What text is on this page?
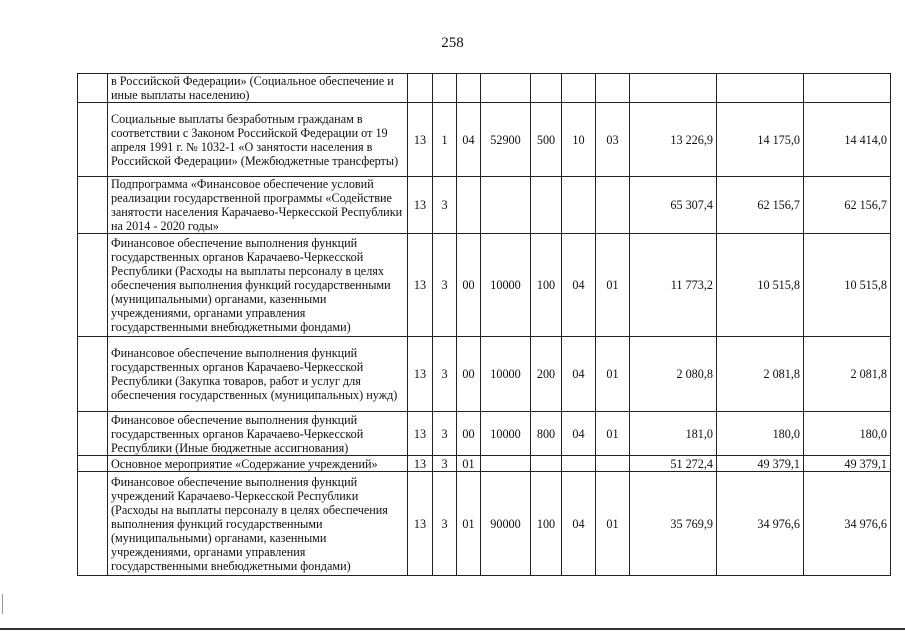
258
	в Российской Федерации» (Социальное обеспечение и иные выплаты населению)										
	Социальные выплаты безработным гражданам в соответствии с Законом Российской Федерации от 19 апреля 1991 г. № 1032-1 «О занятости населения в Российской Федерации» (Межбюджетные трансферты)	13	1	04	52900	500	10	03	13 226,9	14 175,0	14 414,0
	Подпрограмма «Финансовое обеспечение условий реализации государственной программы «Содействие занятости населения Карачаево-Черкесской Республики на 2014 - 2020 годы»	13	3						65 307,4	62 156,7	62 156,7
	Финансовое обеспечение выполнения функций государственных органов Карачаево-Черкесской Республики (Расходы на выплаты персоналу в целях обеспечения выполнения функций государственными (муниципальными) органами, казенными учреждениями, органами управления государственными внебюджетными фондами)	13	3	00	10000	100	04	01	11 773,2	10 515,8	10 515,8
	Финансовое обеспечение выполнения функций государственных органов Карачаево-Черкесской Республики (Закупка товаров, работ и услуг для обеспечения государственных (муниципальных) нужд)	13	3	00	10000	200	04	01	2 080,8	2 081,8	2 081,8
	Финансовое обеспечение выполнения функций государственных органов Карачаево-Черкесской Республики (Иные бюджетные ассигнования)	13	3	00	10000	800	04	01	181,0	180,0	180,0
	Основное мероприятие «Содержание учреждений»	13	3	01					51 272,4	49 379,1	49 379,1
	Финансовое обеспечение выполнения функций учреждений Карачаево-Черкесской Республики (Расходы на выплаты персоналу в целях обеспечения выполнения функций государственными (муниципальными) органами, казенными учреждениями, органами управления государственными внебюджетными фондами)	13	3	01	90000	100	04	01	35 769,9	34 976,6	34 976,6
